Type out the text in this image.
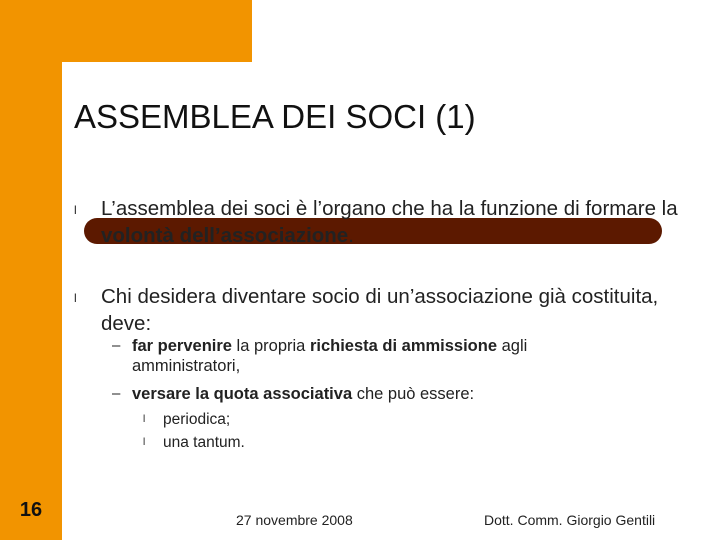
ASSEMBLEA DEI SOCI (1)
l L’assemblea dei soci è l’organo che ha la funzione di formare la volontà dell’associazione.
l Chi desidera diventare socio di un’associazione già costituita, deve:
– far pervenire la propria richiesta di ammissione agli amministratori,
– versare la quota associativa che può essere:
l periodica;
l una tantum.
16	27 novembre 2008	Dott. Comm. Giorgio Gentili
